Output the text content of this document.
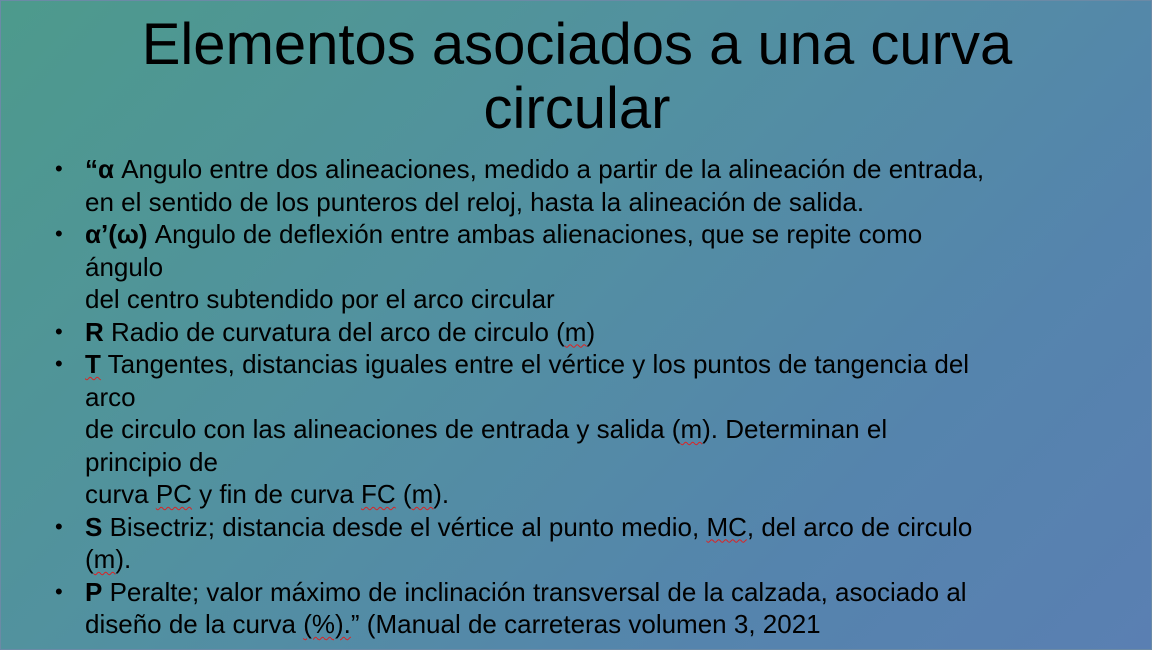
Elementos asociados a una curva
circular
• “α Angulo entre dos alineaciones, medido a partir de la alineación de entrada,
en el sentido de los punteros del reloj, hasta la alineación de salida.
• α’(ω) Angulo de deflexión entre ambas alienaciones, que se repite como
ángulo
del centro subtendido por el arco circular
• R Radio de curvatura del arco de circulo (m)
• T Tangentes, distancias iguales entre el vértice y los puntos de tangencia del
arco
de circulo con las alineaciones de entrada y salida (m). Determinan el
principio de
curva PC y fin de curva FC (m).
• S Bisectriz; distancia desde el vértice al punto medio, MC, del arco de circulo
(m).
• P Peralte; valor máximo de inclinación transversal de la calzada, asociado al
diseño de la curva (%).” (Manual de carreteras volumen 3, 2021
